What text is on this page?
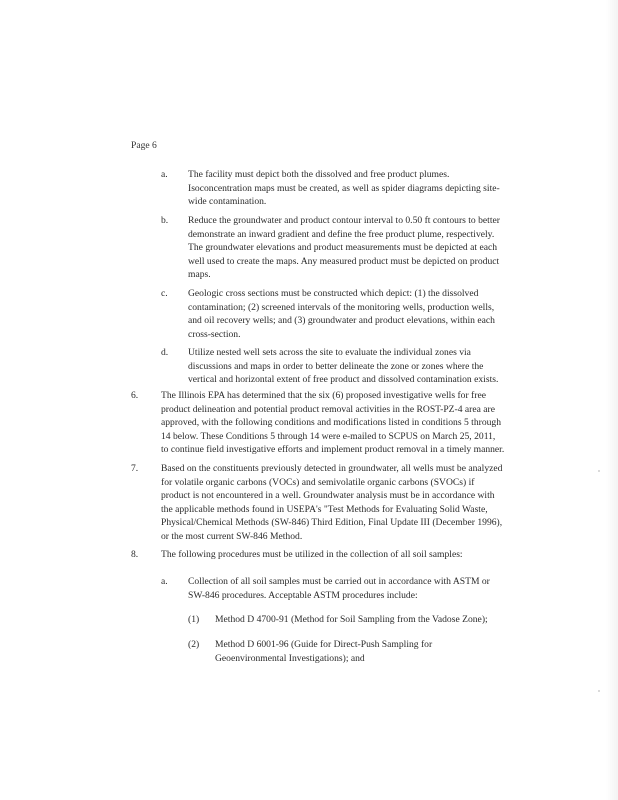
Page 6
a. The facility must depict both the dissolved and free product plumes.
Isoconcentration maps must be created, as well as spider diagrams depicting site-
wide contamination.
b. Reduce the groundwater and product contour interval to 0.50 ft contours to better
demonstrate an inward gradient and define the free product plume, respectively.
The groundwater elevations and product measurements must be depicted at each
well used to create the maps. Any measured product must be depicted on product
maps.
c. Geologic cross sections must be constructed which depict: (1) the dissolved
contamination; (2) screened intervals of the monitoring wells, production wells,
and oil recovery wells; and (3) groundwater and product elevations, within each
cross-section.
d. Utilize nested well sets across the site to evaluate the individual zones via
discussions and maps in order to better delineate the zone or zones where the
vertical and horizontal extent of free product and dissolved contamination exists.
6. The Illinois EPA has determined that the six (6) proposed investigative wells for free
product delineation and potential product removal activities in the ROST-PZ-4 area are
approved, with the following conditions and modifications listed in conditions 5 through
14 below. These Conditions 5 through 14 were e-mailed to SCPUS on March 25, 2011,
to continue field investigative efforts and implement product removal in a timely manner.
7. Based on the constituents previously detected in groundwater, all wells must be analyzed
for volatile organic carbons (VOCs) and semivolatile organic carbons (SVOCs) if
product is not encountered in a well. Groundwater analysis must be in accordance with
the applicable methods found in USEPA's "Test Methods for Evaluating Solid Waste,
Physical/Chemical Methods (SW-846) Third Edition, Final Update III (December 1996),
or the most current SW-846 Method.
8. The following procedures must be utilized in the collection of all soil samples:
a. Collection of all soil samples must be carried out in accordance with ASTM or
SW-846 procedures. Acceptable ASTM procedures include:
(1) Method D 4700-91 (Method for Soil Sampling from the Vadose Zone);
(2) Method D 6001-96 (Guide for Direct-Push Sampling for
Geoenvironmental Investigations); and
